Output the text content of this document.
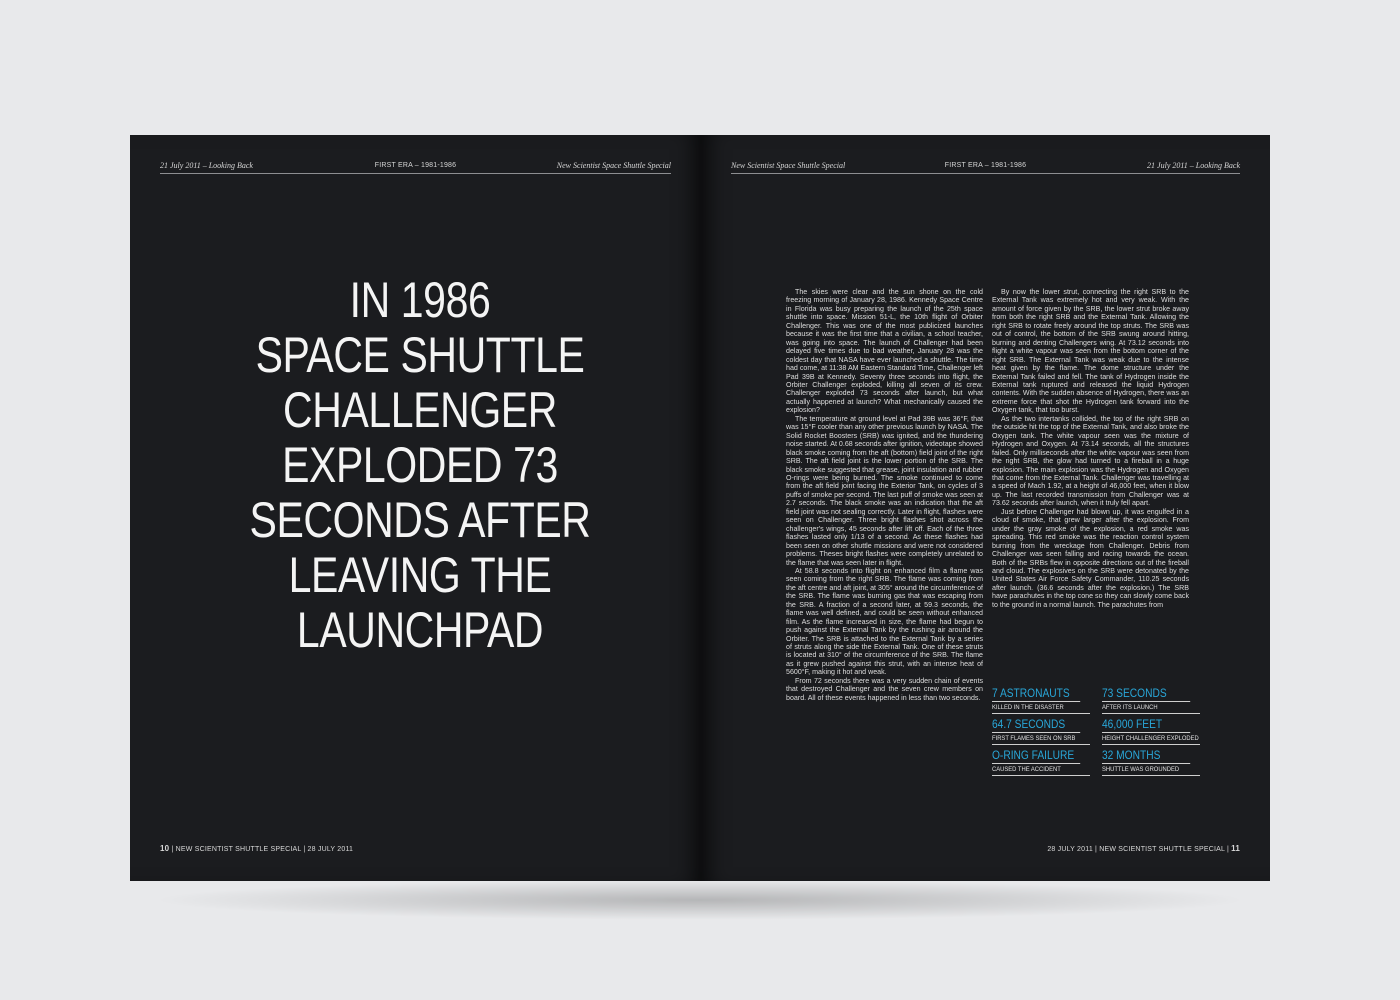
21 July 2011 – Looking Back	FIRST ERA – 1981-1986	New Scientist Space Shuttle Special
IN 1986
SPACE SHUTTLE
CHALLENGER
EXPLODED 73
SECONDS AFTER
LEAVING THE
LAUNCHPAD
10 | NEW SCIENTIST SHUTTLE SPECIAL | 28 JULY 2011
New Scientist Space Shuttle Special	FIRST ERA – 1981-1986	21 July 2011 – Looking Back

The skies were clear and the sun shone on the cold freezing morning of January 28, 1986. Kennedy Space Centre in Florida was busy preparing the launch of the 25th space shuttle into space. Mission 51-L, the 10th flight of Orbiter Challenger. This was one of the most publicized launches because it was the first time that a civilian, a school teacher, was going into space. The launch of Challenger had been delayed five times due to bad weather, January 28 was the coldest day that NASA have ever launched a shuttle. The time had come, at 11:38 AM Eastern Standard Time, Challenger left Pad 39B at Kennedy. Seventy three seconds into flight, the Orbiter Challenger exploded, killing all seven of its crew. Challenger exploded 73 seconds after launch, but what actually happened at launch? What mechanically caused the explosion?

The temperature at ground level at Pad 39B was 36°F, that was 15°F cooler than any other previous launch by NASA. The Solid Rocket Boosters (SRB) was ignited, and the thundering noise started. At 0.68 seconds after ignition, videotape showed black smoke coming from the aft (bottom) field joint of the right SRB. The aft field joint is the lower portion of the SRB. The black smoke suggested that grease, joint insulation and rubber O-rings were being burned. The smoke continued to come from the aft field joint facing the Exterior Tank, on cycles of 3 puffs of smoke per second. The last puff of smoke was seen at 2.7 seconds. The black smoke was an indication that the aft field joint was not sealing correctly. Later in flight, flashes were seen on Challenger. Three bright flashes shot across the challenger's wings, 45 seconds after lift off. Each of the three flashes lasted only 1/13 of a second. As these flashes had been seen on other shuttle missions and were not considered problems. Theses bright flashes were completely unrelated to the flame that was seen later in flight.

At 58.8 seconds into flight on enhanced film a flame was seen coming from the right SRB. The flame was coming from the aft centre and aft joint, at 305° around the circumference of the SRB. The flame was burning gas that was escaping from the SRB. A fraction of a second later, at 59.3 seconds, the flame was well defined, and could be seen without enhanced film. As the flame increased in size, the flame had begun to push against the External Tank by the rushing air around the Orbiter. The SRB is attached to the External Tank by a series of struts along the side the External Tank. One of these struts is located at 310° of the circumference of the SRB. The flame as it grew pushed against this strut, with an intense heat of 5600°F, making it hot and weak.

From 72 seconds there was a very sudden chain of events that destroyed Challenger and the seven crew members on board. All of these events happened in less than two seconds.

By now the lower strut, connecting the right SRB to the External Tank was extremely hot and very weak. With the amount of force given by the SRB, the lower strut broke away from both the right SRB and the External Tank. Allowing the right SRB to rotate freely around the top struts. The SRB was out of control, the bottom of the SRB swung around hitting, burning and denting Challengers wing. At 73.12 seconds into flight a white vapour was seen from the bottom corner of the right SRB. The External Tank was weak due to the intense heat given by the flame. The dome structure under the External Tank failed and fell. The tank of Hydrogen inside the External tank ruptured and released the liquid Hydrogen contents. With the sudden absence of Hydrogen, there was an extreme force that shot the Hydrogen tank forward into the Oxygen tank, that too burst.

As the two intertanks collided, the top of the right SRB on the outside hit the top of the External Tank, and also broke the Oxygen tank. The white vapour seen was the mixture of Hydrogen and Oxygen. At 73.14 seconds, all the structures failed. Only milliseconds after the white vapour was seen from the right SRB, the glow had turned to a fireball in a huge explosion. The main explosion was the Hydrogen and Oxygen that come from the External Tank. Challenger was travelling at a speed of Mach 1.92, at a height of 46,000 feet, when it blow up. The last recorded transmission from Challenger was at 73.62 seconds after launch, when it truly fell apart.

Just before Challenger had blown up, it was engulfed in a cloud of smoke, that grew larger after the explosion. From under the gray smoke of the explosion, a red smoke was spreading. This red smoke was the reaction control system burning from the wreckage from Challenger. Debris from Challenger was seen falling and racing towards the ocean. Both of the SRBs flew in opposite directions out of the fireball and cloud. The explosives on the SRB were detonated by the United States Air Force Safety Commander, 110.25 seconds after launch. (36.6 seconds after the explosion.) The SRB have parachutes in the top cone so they can slowly come back to the ground in a normal launch. The parachutes from

7 ASTRONAUTS
KILLED IN THE DISASTER
73 SECONDS
AFTER ITS LAUNCH
64.7 SECONDS
FIRST FLAMES SEEN ON SRB
46,000 FEET
HEIGHT CHALLENGER EXPLODED
O-RING FAILURE
CAUSED THE ACCIDENT
32 MONTHS
SHUTTLE WAS GROUNDED
28 JULY 2011 | NEW SCIENTIST SHUTTLE SPECIAL | 11
